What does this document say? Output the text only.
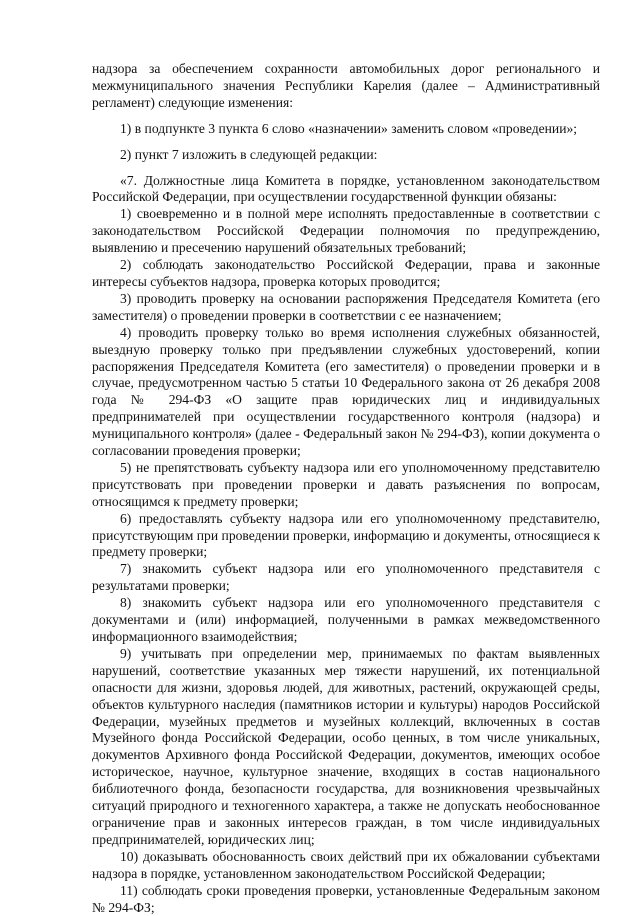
надзора за обеспечением сохранности автомобильных дорог регионального и межмуниципального значения Республики Карелия (далее – Административный регламент) следующие изменения:

1) в подпункте 3 пункта 6 слово «назначении» заменить словом «проведении»;

2) пункт 7 изложить в следующей редакции:

«7. Должностные лица Комитета в порядке, установленном законодательством Российской Федерации, при осуществлении государственной функции обязаны:

1) своевременно и в полной мере исполнять предоставленные в соответствии с законодательством Российской Федерации полномочия по предупреждению, выявлению и пресечению нарушений обязательных требований;

2) соблюдать законодательство Российской Федерации, права и законные интересы субъектов надзора, проверка которых проводится;

3) проводить проверку на основании распоряжения Председателя Комитета (его заместителя) о проведении проверки в соответствии с ее назначением;

4) проводить проверку только во время исполнения служебных обязанностей, выездную проверку только при предъявлении служебных удостоверений, копии распоряжения Председателя Комитета (его заместителя) о проведении проверки и в случае, предусмотренном частью 5 статьи 10 Федерального закона от 26 декабря 2008 года № 294-ФЗ «О защите прав юридических лиц и индивидуальных предпринимателей при осуществлении государственного контроля (надзора) и муниципального контроля» (далее - Федеральный закон № 294-ФЗ), копии документа о согласовании проведения проверки;

5) не препятствовать субъекту надзора или его уполномоченному представителю присутствовать при проведении проверки и давать разъяснения по вопросам, относящимся к предмету проверки;

6) предоставлять субъекту надзора или его уполномоченному представителю, присутствующим при проведении проверки, информацию и документы, относящиеся к предмету проверки;

7) знакомить субъект надзора или его уполномоченного представителя с результатами проверки;

8) знакомить субъект надзора или его уполномоченного представителя с документами и (или) информацией, полученными в рамках межведомственного информационного взаимодействия;

9) учитывать при определении мер, принимаемых по фактам выявленных нарушений, соответствие указанных мер тяжести нарушений, их потенциальной опасности для жизни, здоровья людей, для животных, растений, окружающей среды, объектов культурного наследия (памятников истории и культуры) народов Российской Федерации, музейных предметов и музейных коллекций, включенных в состав Музейного фонда Российской Федерации, особо ценных, в том числе уникальных, документов Архивного фонда Российской Федерации, документов, имеющих особое историческое, научное, культурное значение, входящих в состав национального библиотечного фонда, безопасности государства, для возникновения чрезвычайных ситуаций природного и техногенного характера, а также не допускать необоснованное ограничение прав и законных интересов граждан, в том числе индивидуальных предпринимателей, юридических лиц;

10) доказывать обоснованность своих действий при их обжаловании субъектами надзора в порядке, установленном законодательством Российской Федерации;

11) соблюдать сроки проведения проверки, установленные Федеральным законом № 294-ФЗ;
